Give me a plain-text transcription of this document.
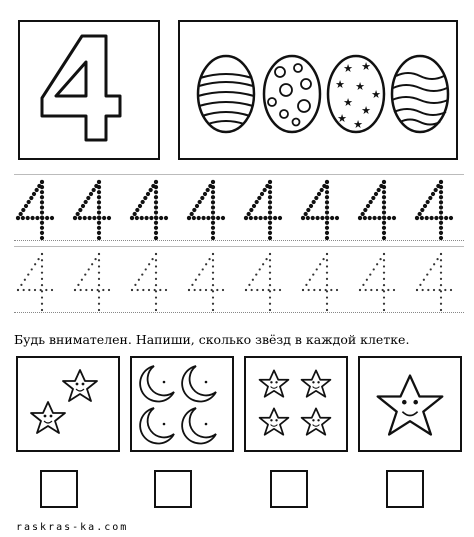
★ ★
★ ★
★
★
★
★ ★
Будь внимателен. Напиши, сколько звёзд в каждой клетке.
raskras-ka.com
